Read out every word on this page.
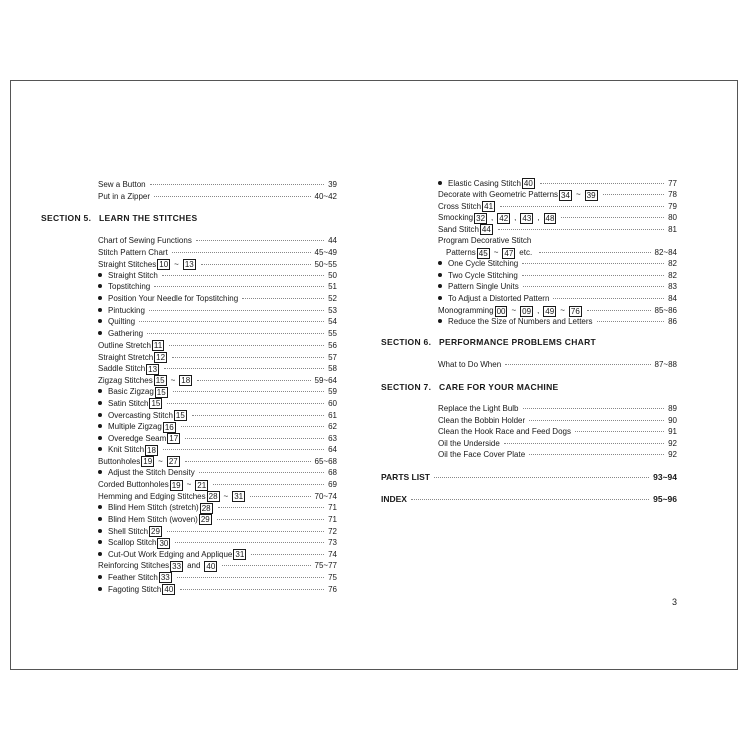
SECTION 5. LEARN THE STITCHES
SECTION 6. PERFORMANCE PROBLEMS CHART
SECTION 7. CARE FOR YOUR MACHINE
Sew a Button	39
Put in a Zipper	40~42
Chart of Sewing Functions	44
Stitch Pattern Chart	45~49
Straight Stitches 10 ~ 13	50~55
Straight Stitch	50
Topstitching	51
Position Your Needle for Topstitching	52
Pintucking	53
Quilting	54
Gathering	55
Outline Stretch 11	56
Straight Stretch 12	57
Saddle Stitch 13	58
Zigzag Stitches 15 ~ 18	59~64
Basic Zigzag 15	59
Satin Stitch 15	60
Overcasting Stitch 15	61
Multiple Zigzag 16	62
Overedge Seam 17	63
Knit Stitch 18	64
Buttonholes 19 ~ 27	65~68
Adjust the Stitch Density	68
Corded Buttonholes 19 ~ 21	69
Hemming and Edging Stitches 28 ~ 31	70~74
Blind Hem Stitch (stretch) 28	71
Blind Hem Stitch (woven) 29	71
Shell Stitch 29	72
Scallop Stitch 30	73
Cut-Out Work Edging and Applique 31	74
Reinforcing Stitches 33 and 40	75~77
Feather Stitch 33	75
Fagoting Stitch 40	76
Elastic Casing Stitch 40	77
Decorate with Geometric Patterns 34 ~ 39	78
Cross Stitch 41	79
Smocking 32 , 42 , 43 , 48	80
Sand Stitch 44	81
Program Decorative Stitch
Patterns 45 ~ 47 etc.	82~84
One Cycle Stitching	82
Two Cycle Stitching	82
Pattern Single Units	83
To Adjust a Distorted Pattern	84
Monogramming 00 ~ 09 , 49 ~ 76	85~86
Reduce the Size of Numbers and Letters	86
What to Do When	87~88
Replace the Light Bulb	89
Clean the Bobbin Holder	90
Clean the Hook Race and Feed Dogs	91
Oil the Underside	92
Oil the Face Cover Plate	92
PARTS LIST	93~94
INDEX	95~96
3
